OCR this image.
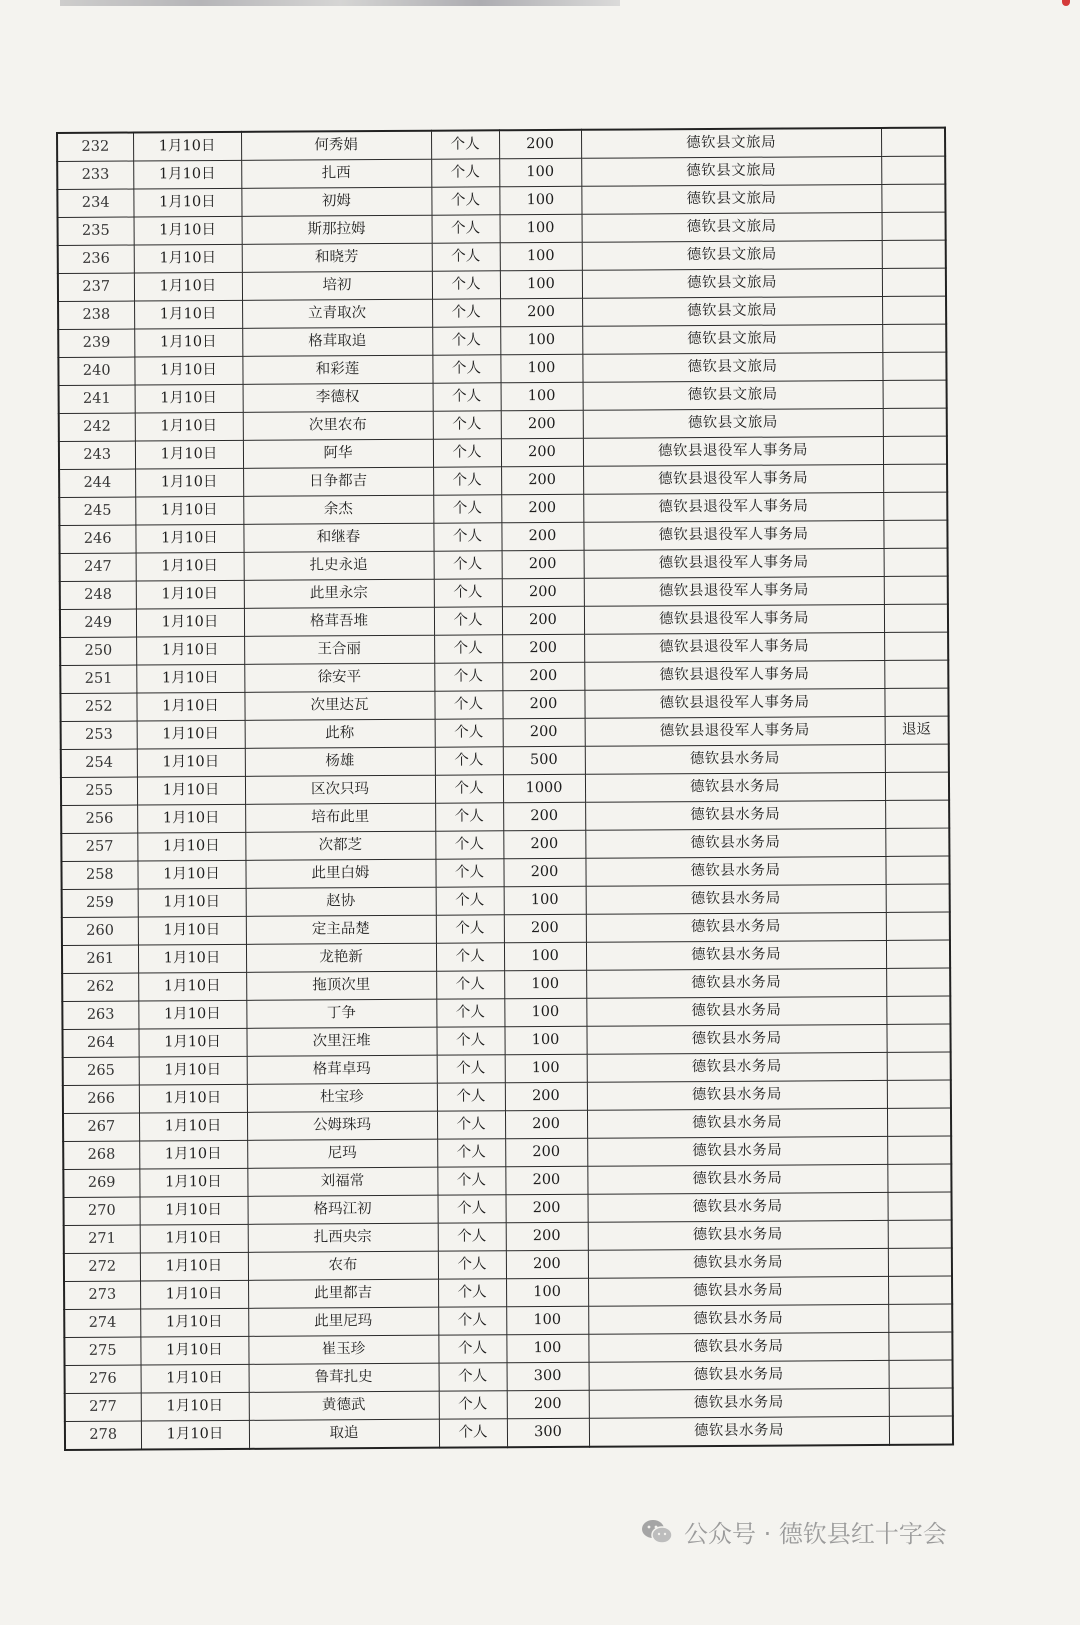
232	1月10日	何秀娟	个人	200	德钦县文旅局	
233	1月10日	扎西	个人	100	德钦县文旅局	
234	1月10日	初姆	个人	100	德钦县文旅局	
235	1月10日	斯那拉姆	个人	100	德钦县文旅局	
236	1月10日	和晓芳	个人	100	德钦县文旅局	
237	1月10日	培初	个人	100	德钦县文旅局	
238	1月10日	立青取次	个人	200	德钦县文旅局	
239	1月10日	格茸取追	个人	100	德钦县文旅局	
240	1月10日	和彩莲	个人	100	德钦县文旅局	
241	1月10日	李德权	个人	100	德钦县文旅局	
242	1月10日	次里农布	个人	200	德钦县文旅局	
243	1月10日	阿华	个人	200	德钦县退役军人事务局	
244	1月10日	日争都吉	个人	200	德钦县退役军人事务局	
245	1月10日	余杰	个人	200	德钦县退役军人事务局	
246	1月10日	和继春	个人	200	德钦县退役军人事务局	
247	1月10日	扎史永追	个人	200	德钦县退役军人事务局	
248	1月10日	此里永宗	个人	200	德钦县退役军人事务局	
249	1月10日	格茸吾堆	个人	200	德钦县退役军人事务局	
250	1月10日	王合丽	个人	200	德钦县退役军人事务局	
251	1月10日	徐安平	个人	200	德钦县退役军人事务局	
252	1月10日	次里达瓦	个人	200	德钦县退役军人事务局	
253	1月10日	此称	个人	200	德钦县退役军人事务局	退返
254	1月10日	杨雄	个人	500	德钦县水务局	
255	1月10日	区次只玛	个人	1000	德钦县水务局	
256	1月10日	培布此里	个人	200	德钦县水务局	
257	1月10日	次都芝	个人	200	德钦县水务局	
258	1月10日	此里白姆	个人	200	德钦县水务局	
259	1月10日	赵协	个人	100	德钦县水务局	
260	1月10日	定主品楚	个人	200	德钦县水务局	
261	1月10日	龙艳新	个人	100	德钦县水务局	
262	1月10日	拖顶次里	个人	100	德钦县水务局	
263	1月10日	丁争	个人	100	德钦县水务局	
264	1月10日	次里汪堆	个人	100	德钦县水务局	
265	1月10日	格茸卓玛	个人	100	德钦县水务局	
266	1月10日	杜宝珍	个人	200	德钦县水务局	
267	1月10日	公姆珠玛	个人	200	德钦县水务局	
268	1月10日	尼玛	个人	200	德钦县水务局	
269	1月10日	刘福常	个人	200	德钦县水务局	
270	1月10日	格玛江初	个人	200	德钦县水务局	
271	1月10日	扎西央宗	个人	200	德钦县水务局	
272	1月10日	农布	个人	200	德钦县水务局	
273	1月10日	此里都吉	个人	100	德钦县水务局	
274	1月10日	此里尼玛	个人	100	德钦县水务局	
275	1月10日	崔玉珍	个人	100	德钦县水务局	
276	1月10日	鲁茸扎史	个人	300	德钦县水务局	
277	1月10日	黄德武	个人	200	德钦县水务局	
278	1月10日	取追	个人	300	德钦县水务局	
公众号 · 德钦县红十字会
